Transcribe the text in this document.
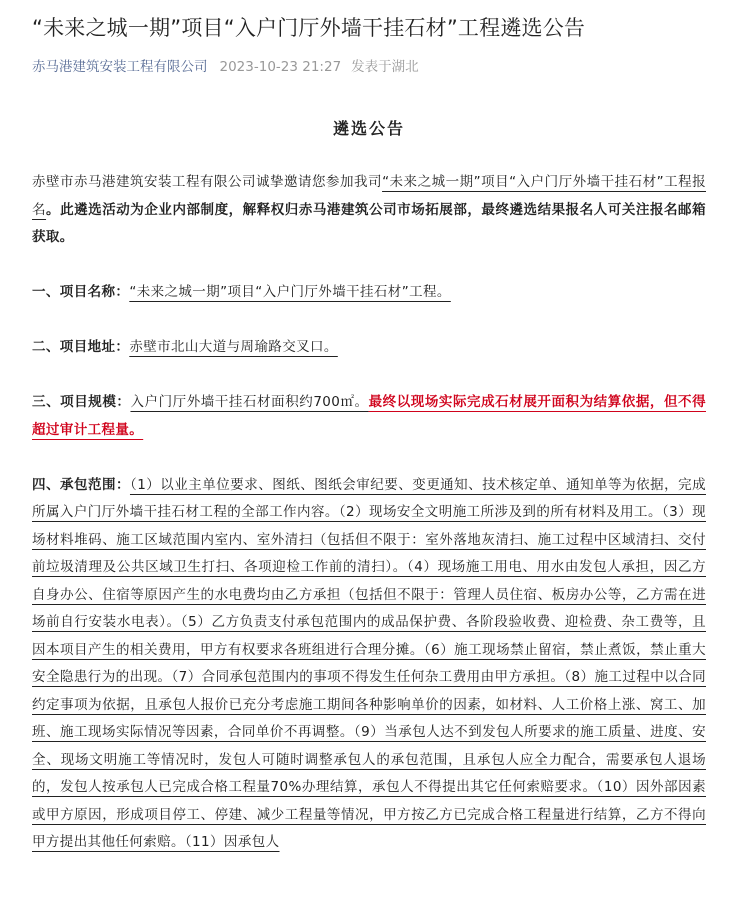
“未来之城一期”项目“入户门厅外墙干挂石材”工程遴选公告
赤马港建筑安装工程有限公司 2023-10-23 21:27 发表于湖北
遴选公告

赤壁市赤马港建筑安装工程有限公司诚挚邀请您参加我司“未来之城一期”项目“入户门厅外墙干挂石材”工程报名。此遴选活动为企业内部制度，解释权归赤马港建筑公司市场拓展部，最终遴选结果报名人可关注报名邮箱获取。

一、项目名称：“未来之城一期”项目“入户门厅外墙干挂石材”工程。

二、项目地址：赤壁市北山大道与周瑜路交叉口。

三、项目规模：入户门厅外墙干挂石材面积约700㎡。最终以现场实际完成石材展开面积为结算依据，但不得超过审计工程量。

四、承包范围：（1）以业主单位要求、图纸、图纸会审纪要、变更通知、技术核定单、通知单等为依据，完成所属入户门厅外墙干挂石材工程的全部工作内容。（2）现场安全文明施工所涉及到的所有材料及用工。（3）现场材料堆码、施工区域范围内室内、室外清扫（包括但不限于：室外落地灰清扫、施工过程中区域清扫、交付前垃圾清理及公共区域卫生打扫、各项迎检工作前的清扫）。（4）现场施工用电、用水由发包人承担，因乙方自身办公、住宿等原因产生的水电费均由乙方承担（包括但不限于：管理人员住宿、板房办公等，乙方需在进场前自行安装水电表）。（5）乙方负责支付承包范围内的成品保护费、各阶段验收费、迎检费、杂工费等，且因本项目产生的相关费用，甲方有权要求各班组进行合理分摊。（6）施工现场禁止留宿，禁止煮饭，禁止重大安全隐患行为的出现。（7）合同承包范围内的事项不得发生任何杂工费用由甲方承担。（8）施工过程中以合同约定事项为依据，且承包人报价已充分考虑施工期间各种影响单价的因素，如材料、人工价格上涨、窝工、加班、施工现场实际情况等因素，合同单价不再调整。（9）当承包人达不到发包人所要求的施工质量、进度、安全、现场文明施工等情况时，发包人可随时调整承包人的承包范围，且承包人应全力配合，需要承包人退场的，发包人按承包人已完成合格工程量70%办理结算，承包人不得提出其它任何索赔要求。（10）因外部因素或甲方原因，形成项目停工、停建、减少工程量等情况，甲方按乙方已完成合格工程量进行结算，乙方不得向甲方提出其他任何索赔。（11）因承包人
